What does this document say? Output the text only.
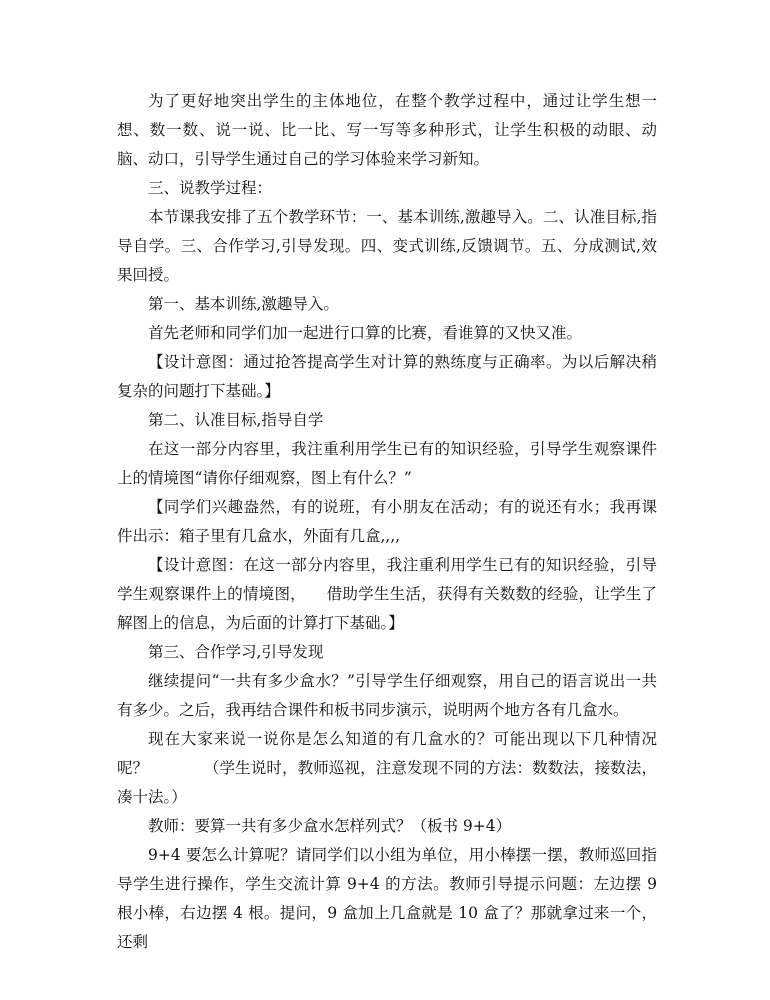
为了更好地突出学生的主体地位，在整个教学过程中，通过让学生想一想、数一数、说一说、比一比、写一写等多种形式，让学生积极的动眼、动脑、动口，引导学生通过自己的学习体验来学习新知。

三、说教学过程：

本节课我安排了五个教学环节：一、基本训练,激趣导入。二、认准目标,指导自学。三、合作学习,引导发现。四、变式训练,反馈调节。五、分成测试,效果回授。

第一、基本训练,激趣导入。

首先老师和同学们加一起进行口算的比赛，看谁算的又快又准。

【设计意图：通过抢答提高学生对计算的熟练度与正确率。为以后解决稍复杂的问题打下基础。】

第二、认准目标,指导自学

在这一部分内容里，我注重利用学生已有的知识经验，引导学生观察课件上的情境图“请你仔细观察，图上有什么？”

【同学们兴趣盎然，有的说班，有小朋友在活动；有的说还有水；我再课件出示：箱子里有几盒水，外面有几盒,,,,

【设计意图：在这一部分内容里，我注重利用学生已有的知识经验，引导学生观察课件上的情境图，    借助学生生活，获得有关数数的经验，让学生了解图上的信息，为后面的计算打下基础。】

第三、合作学习,引导发现

继续提问“一共有多少盒水？”引导学生仔细观察，用自己的语言说出一共有多少。之后，我再结合课件和板书同步演示，说明两个地方各有几盒水。

现在大家来说一说你是怎么知道的有几盒水的？可能出现以下几种情况呢？           （学生说时，教师巡视，注意发现不同的方法：数数法，接数法，凑十法。）

教师：要算一共有多少盒水怎样列式？（板书 9+4）

9+4 要怎么计算呢？请同学们以小组为单位，用小棒摆一摆，教师巡回指导学生进行操作，学生交流计算 9+4 的方法。教师引导提示问题：左边摆 9 根小棒，右边摆 4 根。提问，9 盒加上几盒就是 10 盒了？那就拿过来一个，还剩
